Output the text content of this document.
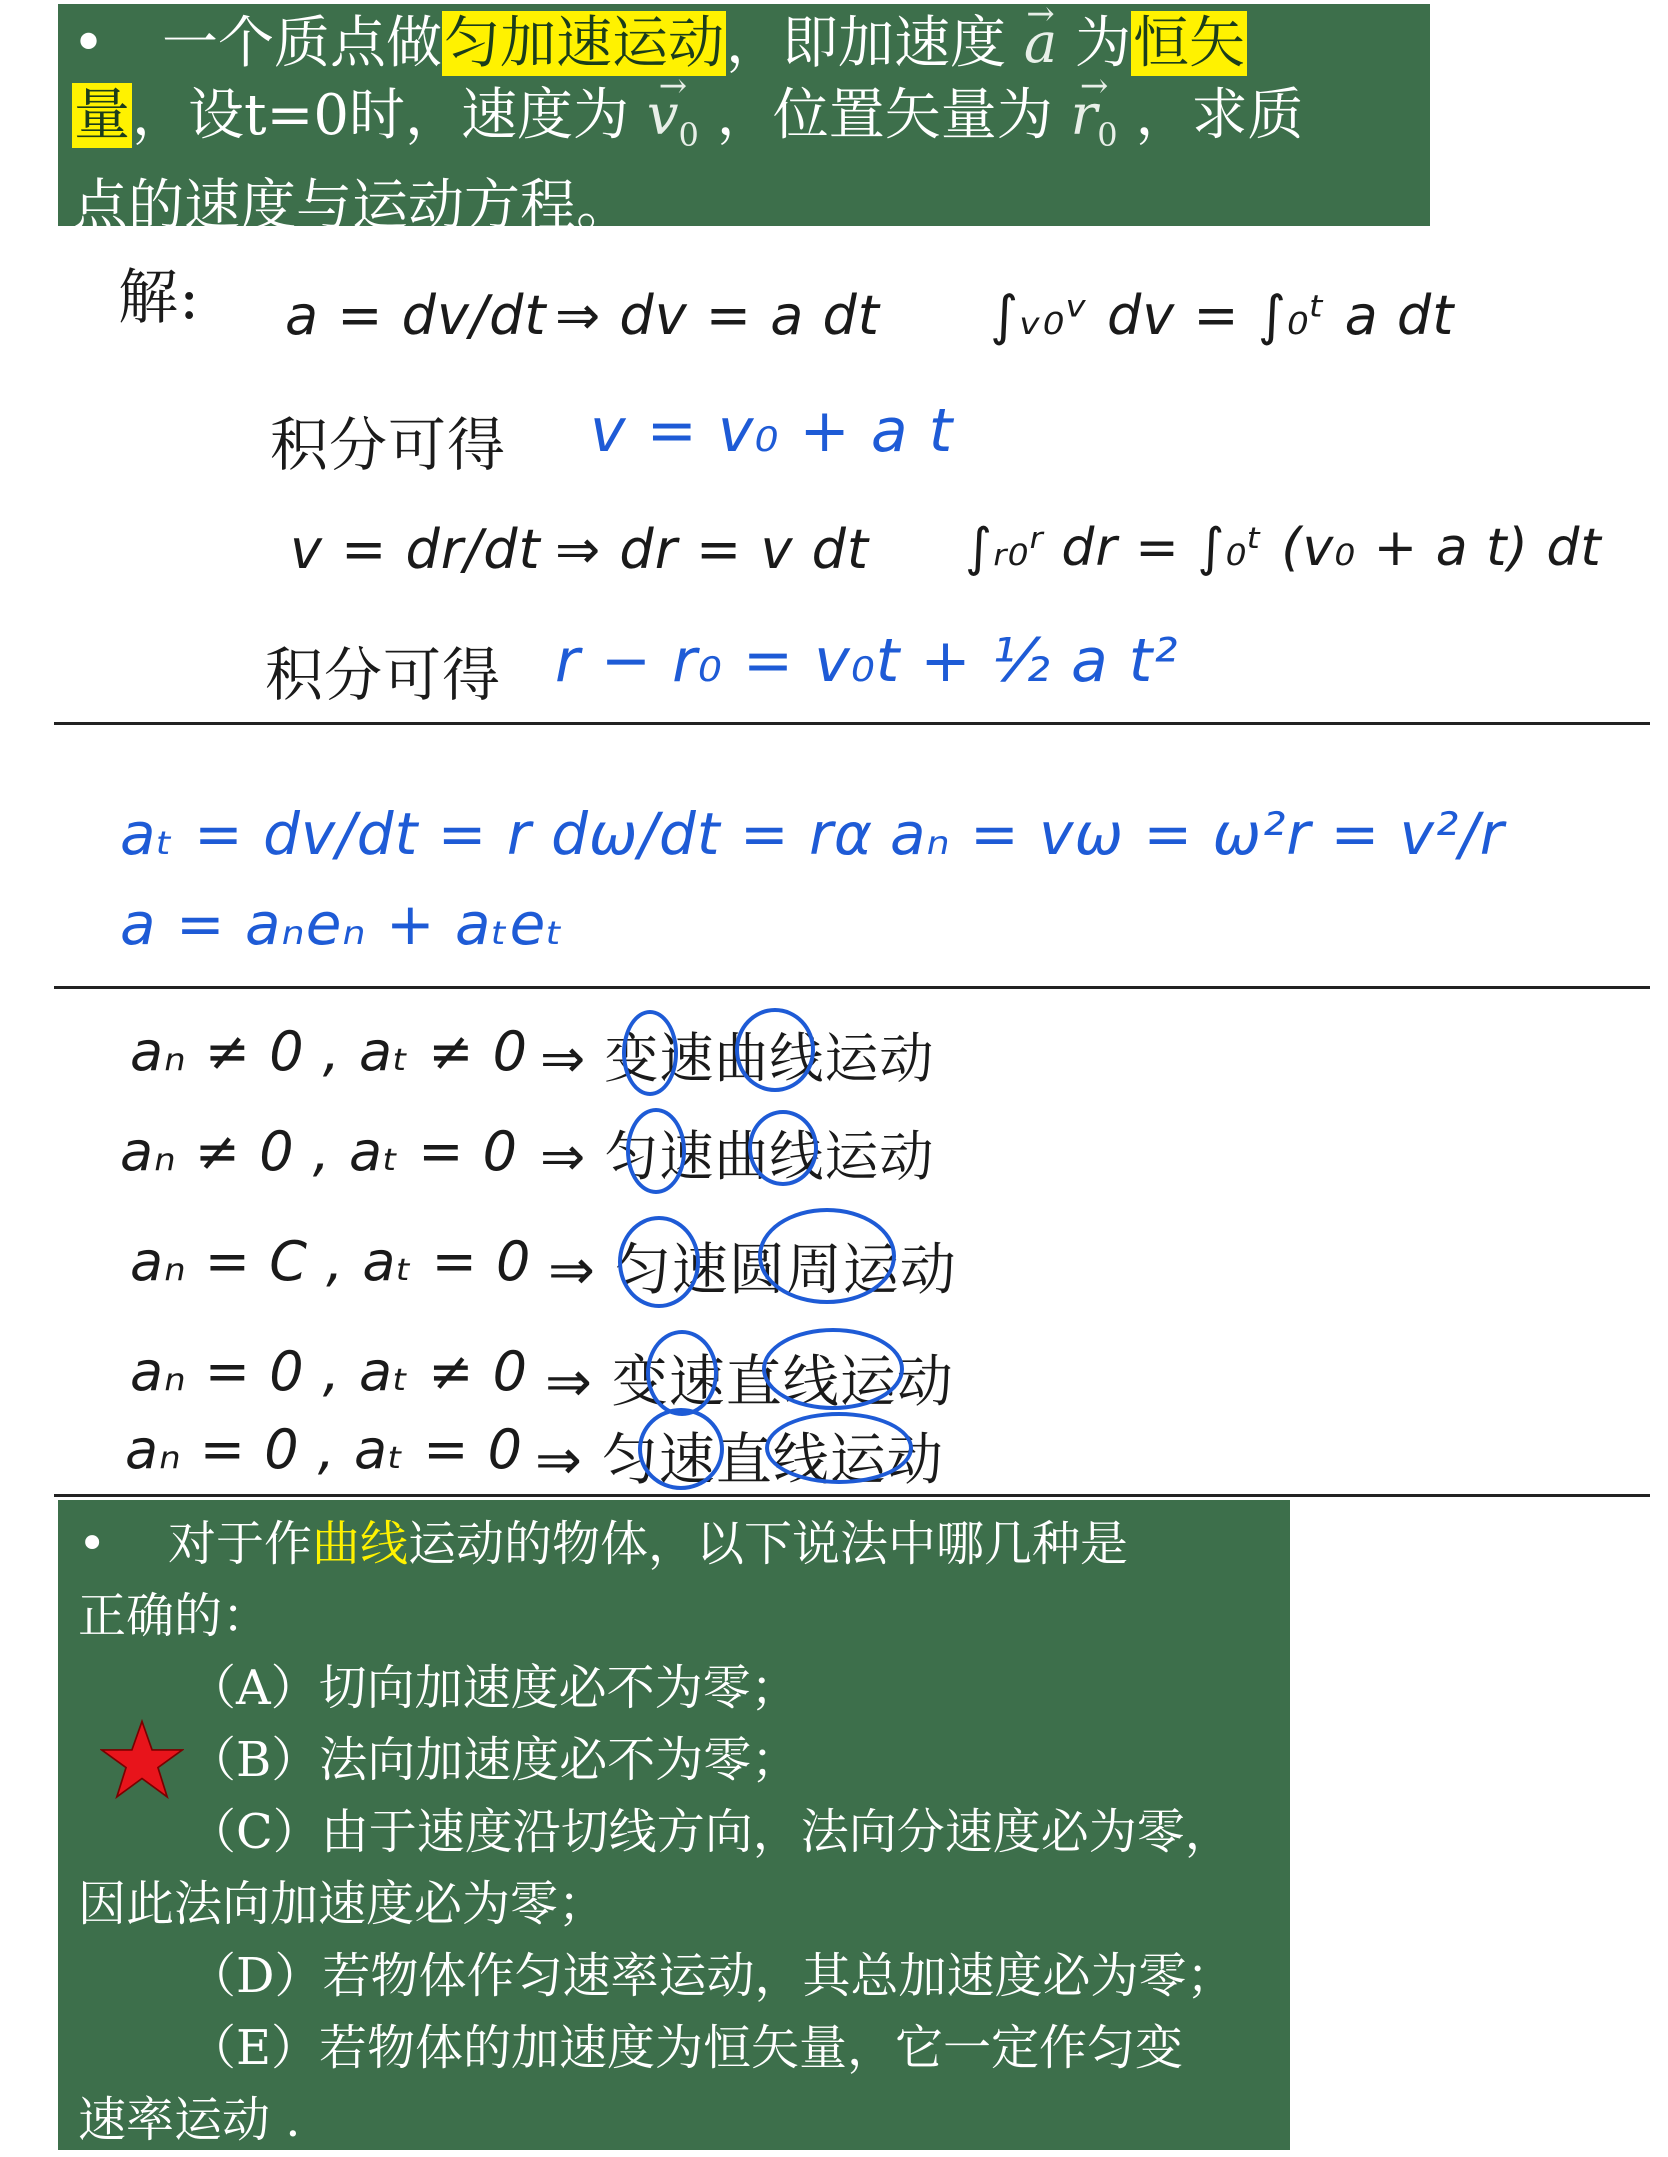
• 一个质点做匀加速运动，即加速度 → a 为恒矢
量，设t=0时，速度为 → $v_0$ ，位置矢量为 → $r_0$ ，求质
点的速度与运动方程。
解: a = dv/dt ⇒ dv = a dt ∫ᵥ₀ᵛ dv = ∫₀ᵗ a dt
积分可得 v = v₀ + a t
v = dr/dt ⇒ dr = v dt ∫ᵣ₀ʳ dr = ∫₀ᵗ (v₀ + a t) dt
积分可得 r − r₀ = v₀t + ½ a t²
aₜ = dv/dt = r dω/dt = rα aₙ = vω = ω²r = v²/r
a = aₙeₙ + aₜeₜ
aₙ ≠ 0 , aₜ ≠ 0 ⇒ 变速曲线运动
aₙ ≠ 0 , aₜ = 0 ⇒ 匀速曲线运动
aₙ = C , aₜ = 0 ⇒ 匀速圆周运动
aₙ = 0 , aₜ ≠ 0 ⇒ 变速直线运动
aₙ = 0 , aₜ = 0 ⇒ 匀速直线运动

• 对于作曲线运动的物体，以下说法中哪几种是

正确的：

（A）切向加速度必不为零；

（B）法向加速度必不为零；

（C）由于速度沿切线方向，法向分速度必为零，

因此法向加速度必为零；

（D）若物体作匀速率运动，其总加速度必为零；

（E）若物体的加速度为恒矢量，它一定作匀变

速率运动 .
